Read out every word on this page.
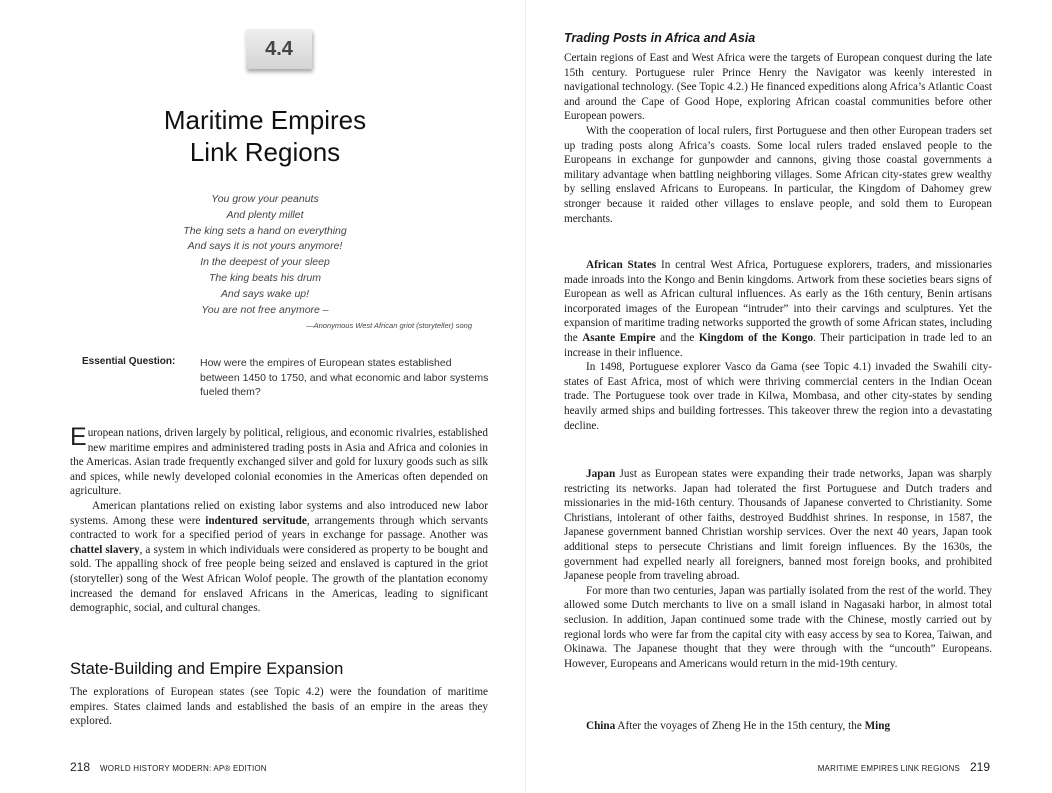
4.4
Maritime Empires
Link Regions
You grow your peanuts
And plenty millet
The king sets a hand on everything
And says it is not yours anymore!
In the deepest of your sleep
The king beats his drum
And says wake up!
You are not free anymore –
—Anonymous West African griot (storyteller) song
Essential Question: How were the empires of European states established between 1450 to 1750, and what economic and labor systems fueled them?

European nations, driven largely by political, religious, and economic rivalries, established new maritime empires and administered trading posts in Asia and Africa and colonies in the Americas. Asian trade frequently exchanged silver and gold for luxury goods such as silk and spices, while newly developed colonial economies in the Americas often depended on agriculture.

American plantations relied on existing labor systems and also introduced new labor systems. Among these were indentured servitude, arrangements through which servants contracted to work for a specified period of years in exchange for passage. Another was chattel slavery, a system in which individuals were considered as property to be bought and sold. The appalling shock of free people being seized and enslaved is captured in the griot (storyteller) song of the West African Wolof people. The growth of the plantation economy increased the demand for enslaved Africans in the Americas, leading to significant demographic, social, and cultural changes.

State-Building and Empire Expansion

The explorations of European states (see Topic 4.2) were the foundation of maritime empires. States claimed lands and established the basis of an empire in the areas they explored.

218 WORLD HISTORY MODERN: AP® EDITION
Trading Posts in Africa and Asia

Certain regions of East and West Africa were the targets of European conquest during the late 15th century. Portuguese ruler Prince Henry the Navigator was keenly interested in navigational technology. (See Topic 4.2.) He financed expeditions along Africa’s Atlantic Coast and around the Cape of Good Hope, exploring African coastal communities before other European powers.

With the cooperation of local rulers, first Portuguese and then other European traders set up trading posts along Africa’s coasts. Some local rulers traded enslaved people to the Europeans in exchange for gunpowder and cannons, giving those coastal governments a military advantage when battling neighboring villages. Some African city-states grew wealthy by selling enslaved Africans to Europeans. In particular, the Kingdom of Dahomey grew stronger because it raided other villages to enslave people, and sold them to European merchants.

African States In central West Africa, Portuguese explorers, traders, and missionaries made inroads into the Kongo and Benin kingdoms. Artwork from these societies bears signs of European as well as African cultural influences. As early as the 16th century, Benin artisans incorporated images of the European “intruder” into their carvings and sculptures. Yet the expansion of maritime trading networks supported the growth of some African states, including the Asante Empire and the Kingdom of the Kongo. Their participation in trade led to an increase in their influence.

In 1498, Portuguese explorer Vasco da Gama (see Topic 4.1) invaded the Swahili city-states of East Africa, most of which were thriving commercial centers in the Indian Ocean trade. The Portuguese took over trade in Kilwa, Mombasa, and other city-states by sending heavily armed ships and building fortresses. This takeover threw the region into a devastating decline.

Japan Just as European states were expanding their trade networks, Japan was sharply restricting its networks. Japan had tolerated the first Portuguese and Dutch traders and missionaries in the mid-16th century. Thousands of Japanese converted to Christianity. Some Christians, intolerant of other faiths, destroyed Buddhist shrines. In response, in 1587, the Japanese government banned Christian worship services. Over the next 40 years, Japan took additional steps to persecute Christians and limit foreign influences. By the 1630s, the government had expelled nearly all foreigners, banned most foreign books, and prohibited Japanese people from traveling abroad.

For more than two centuries, Japan was partially isolated from the rest of the world. They allowed some Dutch merchants to live on a small island in Nagasaki harbor, in almost total seclusion. In addition, Japan continued some trade with the Chinese, mostly carried out by regional lords who were far from the capital city with easy access by sea to Korea, Taiwan, and Okinawa. The Japanese thought that they were through with the “uncouth” Europeans. However, Europeans and Americans would return in the mid-19th century.

China After the voyages of Zheng He in the 15th century, the Ming

MARITIME EMPIRES LINK REGIONS 219
